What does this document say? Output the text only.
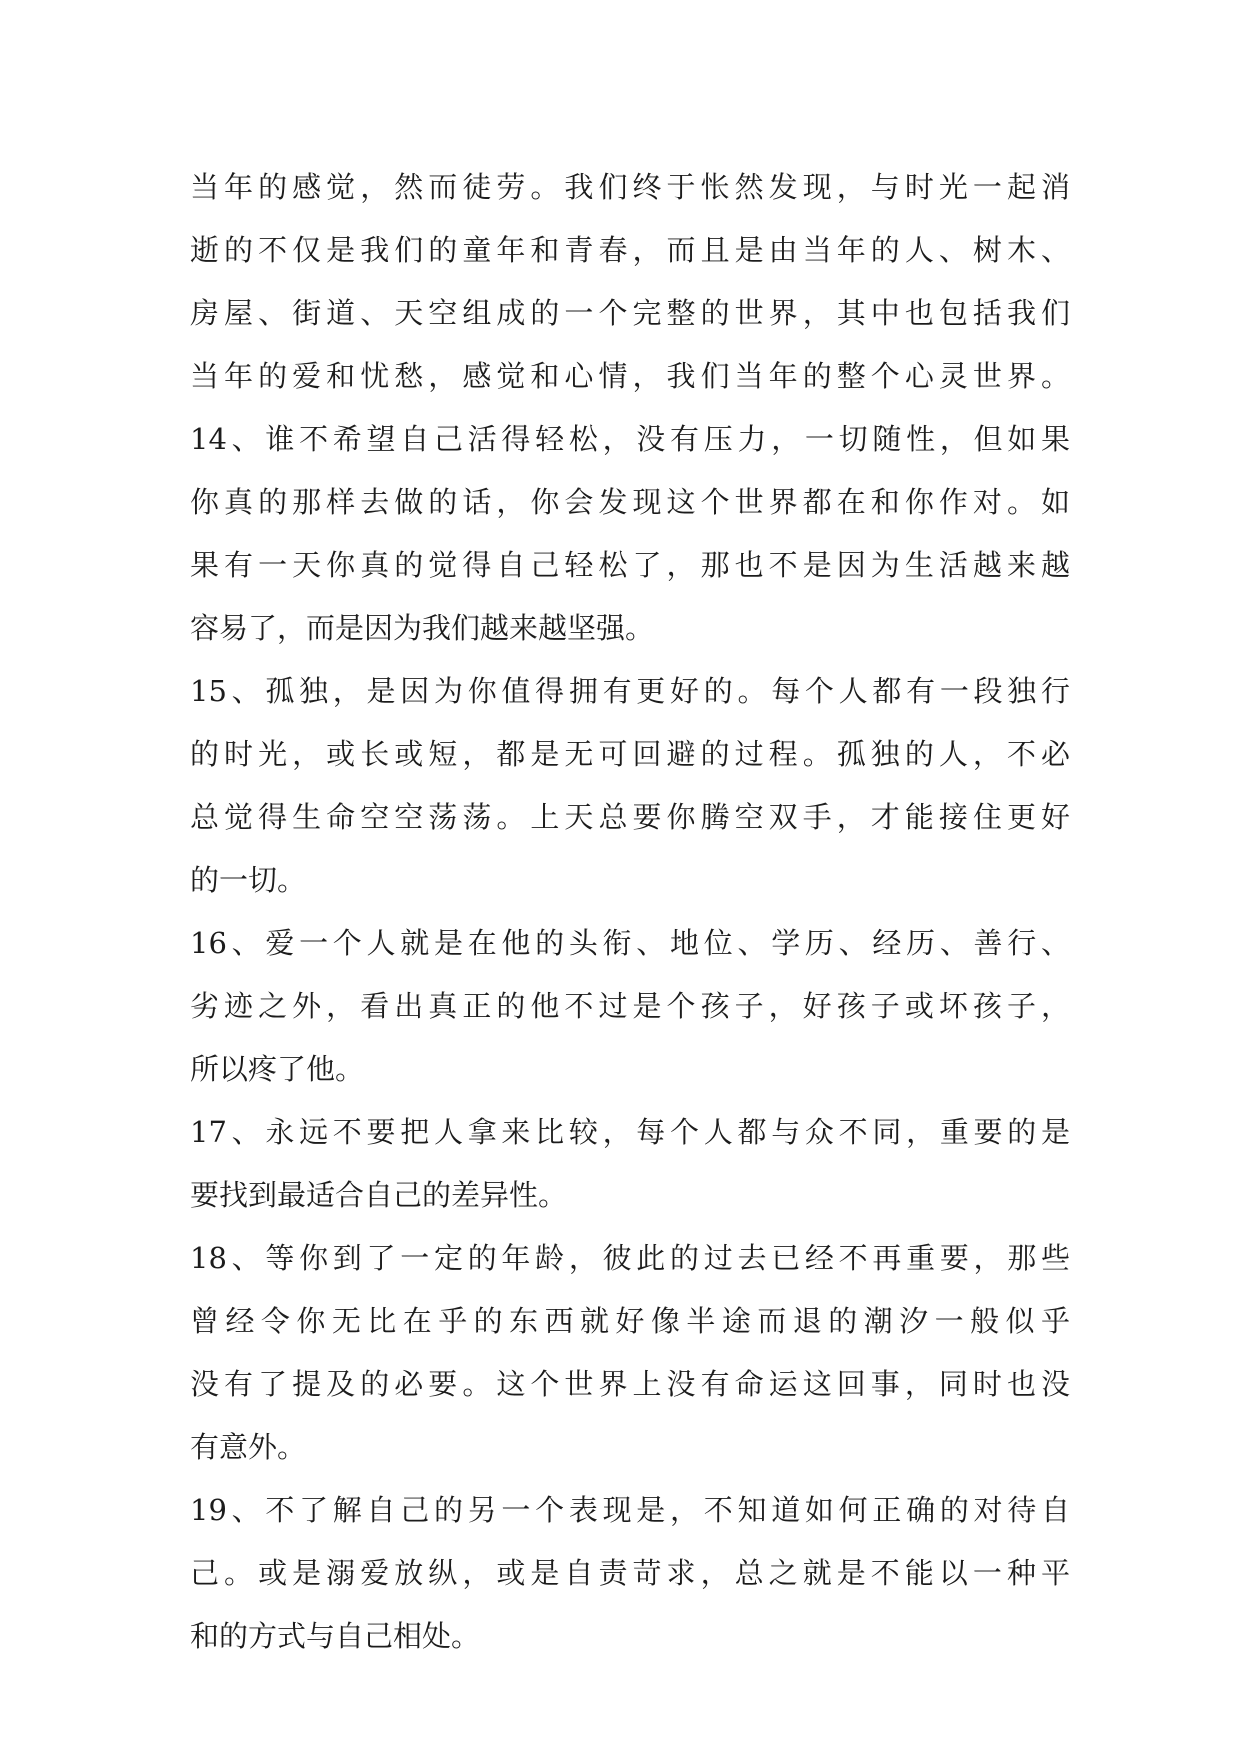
当年的感觉，然而徒劳。我们终于怅然发现，与时光一起消
逝的不仅是我们的童年和青春，而且是由当年的人、树木、
房屋、街道、天空组成的一个完整的世界，其中也包括我们
当年的爱和忧愁，感觉和心情，我们当年的整个心灵世界。
14、谁不希望自己活得轻松，没有压力，一切随性，但如果
你真的那样去做的话，你会发现这个世界都在和你作对。如
果有一天你真的觉得自己轻松了，那也不是因为生活越来越
容易了，而是因为我们越来越坚强。
15、孤独，是因为你值得拥有更好的。每个人都有一段独行
的时光，或长或短，都是无可回避的过程。孤独的人，不必
总觉得生命空空荡荡。上天总要你腾空双手，才能接住更好
的一切。
16、爱一个人就是在他的头衔、地位、学历、经历、善行、
劣迹之外，看出真正的他不过是个孩子，好孩子或坏孩子，
所以疼了他。
17、永远不要把人拿来比较，每个人都与众不同，重要的是
要找到最适合自己的差异性。
18、等你到了一定的年龄，彼此的过去已经不再重要，那些
曾经令你无比在乎的东西就好像半途而退的潮汐一般似乎
没有了提及的必要。这个世界上没有命运这回事，同时也没
有意外。
19、不了解自己的另一个表现是，不知道如何正确的对待自
己。或是溺爱放纵，或是自责苛求，总之就是不能以一种平
和的方式与自己相处。
